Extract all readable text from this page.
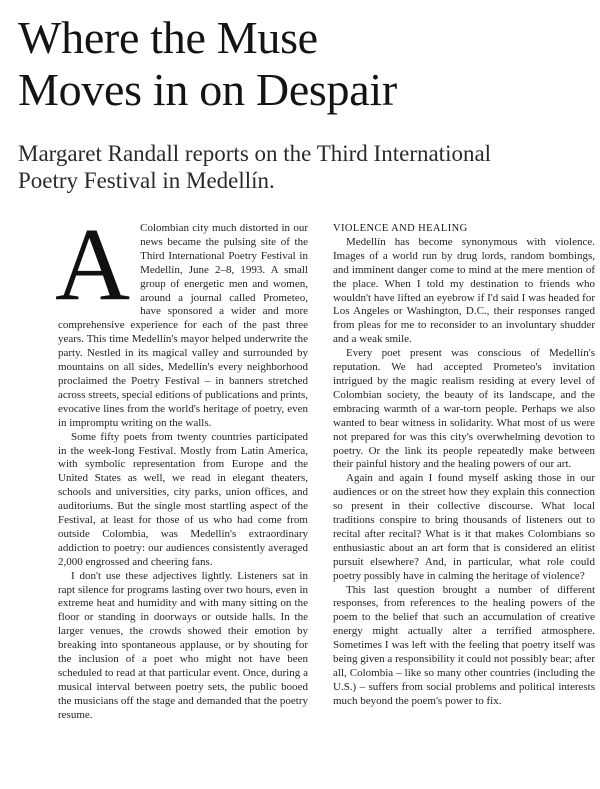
Where the Muse
Moves in on Despair
Margaret Randall reports on the Third International
Poetry Festival in Medellín.
A Colombian city much distorted in our news became the pulsing site of the Third International Poetry Festival in Medellín, June 2–8, 1993. A small group of energetic men and women, around a journal called Prometeo, have sponsored a wider and more comprehensive experience for each of the past three years. This time Medellín's mayor helped underwrite the party. Nestled in its magical valley and surrounded by mountains on all sides, Medellín's every neighborhood proclaimed the Poetry Festival – in banners stretched across streets, special editions of publications and prints, evocative lines from the world's heritage of poetry, even in impromptu writing on the walls.

Some fifty poets from twenty countries participated in the week-long Festival. Mostly from Latin America, with symbolic representation from Europe and the United States as well, we read in elegant theaters, schools and universities, city parks, union offices, and auditoriums. But the single most startling aspect of the Festival, at least for those of us who had come from outside Colombia, was Medellín's extraordinary addiction to poetry: our audiences consistently averaged 2,000 engrossed and cheering fans.

I don't use these adjectives lightly. Listeners sat in rapt silence for programs lasting over two hours, even in extreme heat and humidity and with many sitting on the floor or standing in doorways or outside halls. In the larger venues, the crowds showed their emotion by breaking into spontaneous applause, or by shouting for the inclusion of a poet who might not have been scheduled to read at that particular event. Once, during a musical interval between poetry sets, the public booed the musicians off the stage and demanded that the poetry resume.

VIOLENCE AND HEALING

Medellín has become synonymous with violence. Images of a world run by drug lords, random bombings, and imminent danger come to mind at the mere mention of the place. When I told my destination to friends who wouldn't have lifted an eyebrow if I'd said I was headed for Los Angeles or Washington, D.C., their responses ranged from pleas for me to reconsider to an involuntary shudder and a weak smile.

Every poet present was conscious of Medellín's reputation. We had accepted Prometeo's invitation intrigued by the magic realism residing at every level of Colombian society, the beauty of its landscape, and the embracing warmth of a war-torn people. Perhaps we also wanted to bear witness in solidarity. What most of us were not prepared for was this city's overwhelming devotion to poetry. Or the link its people repeatedly make between their painful history and the healing powers of our art.

Again and again I found myself asking those in our audiences or on the street how they explain this connection so present in their collective discourse. What local traditions conspire to bring thousands of listeners out to recital after recital? What is it that makes Colombians so enthusiastic about an art form that is considered an elitist pursuit elsewhere? And, in particular, what role could poetry possibly have in calming the heritage of violence?

This last question brought a number of different responses, from references to the healing powers of the poem to the belief that such an accumulation of creative energy might actually alter a terrified atmosphere. Sometimes I was left with the feeling that poetry itself was being given a responsibility it could not possibly bear; after all, Colombia – like so many other countries (including the U.S.) – suffers from social problems and political interests much beyond the poem's power to fix.
